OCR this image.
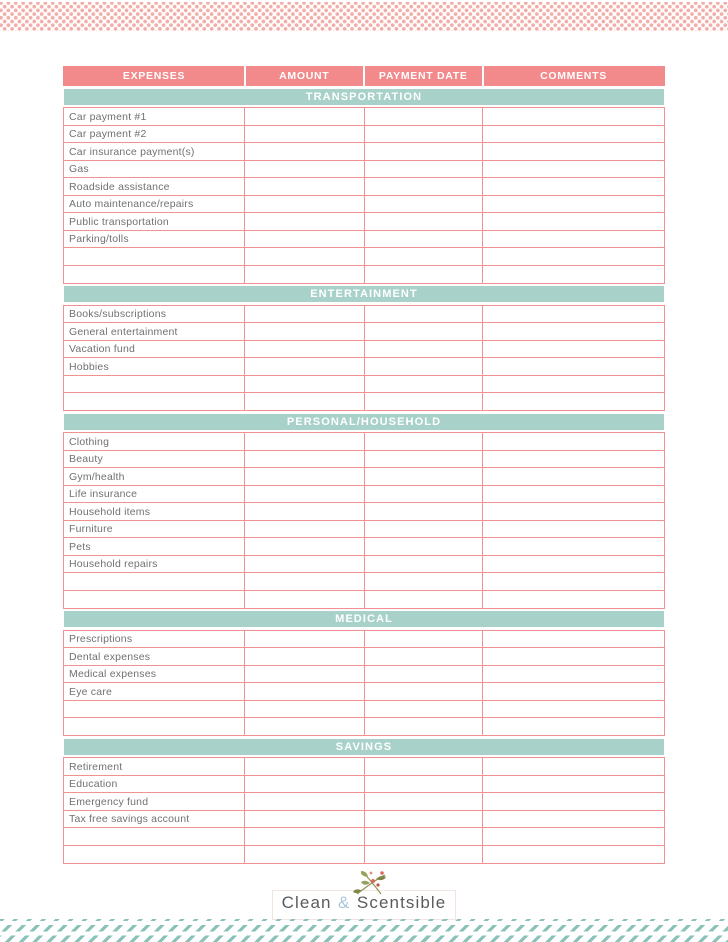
EXPENSES	AMOUNT	PAYMENT DATE	COMMENTS
TRANSPORTATION
Car payment #1
Car payment #2
Car insurance payment(s)
Gas
Roadside assistance
Auto maintenance/repairs
Public transportation
Parking/tolls
ENTERTAINMENT
Books/subscriptions
General entertainment
Vacation fund
Hobbies
PERSONAL/HOUSEHOLD
Clothing
Beauty
Gym/health
Life insurance
Household items
Furniture
Pets
Household repairs
MEDICAL
Prescriptions
Dental expenses
Medical expenses
Eye care
SAVINGS
Retirement
Education
Emergency fund
Tax free savings account
Clean & Scentsible
